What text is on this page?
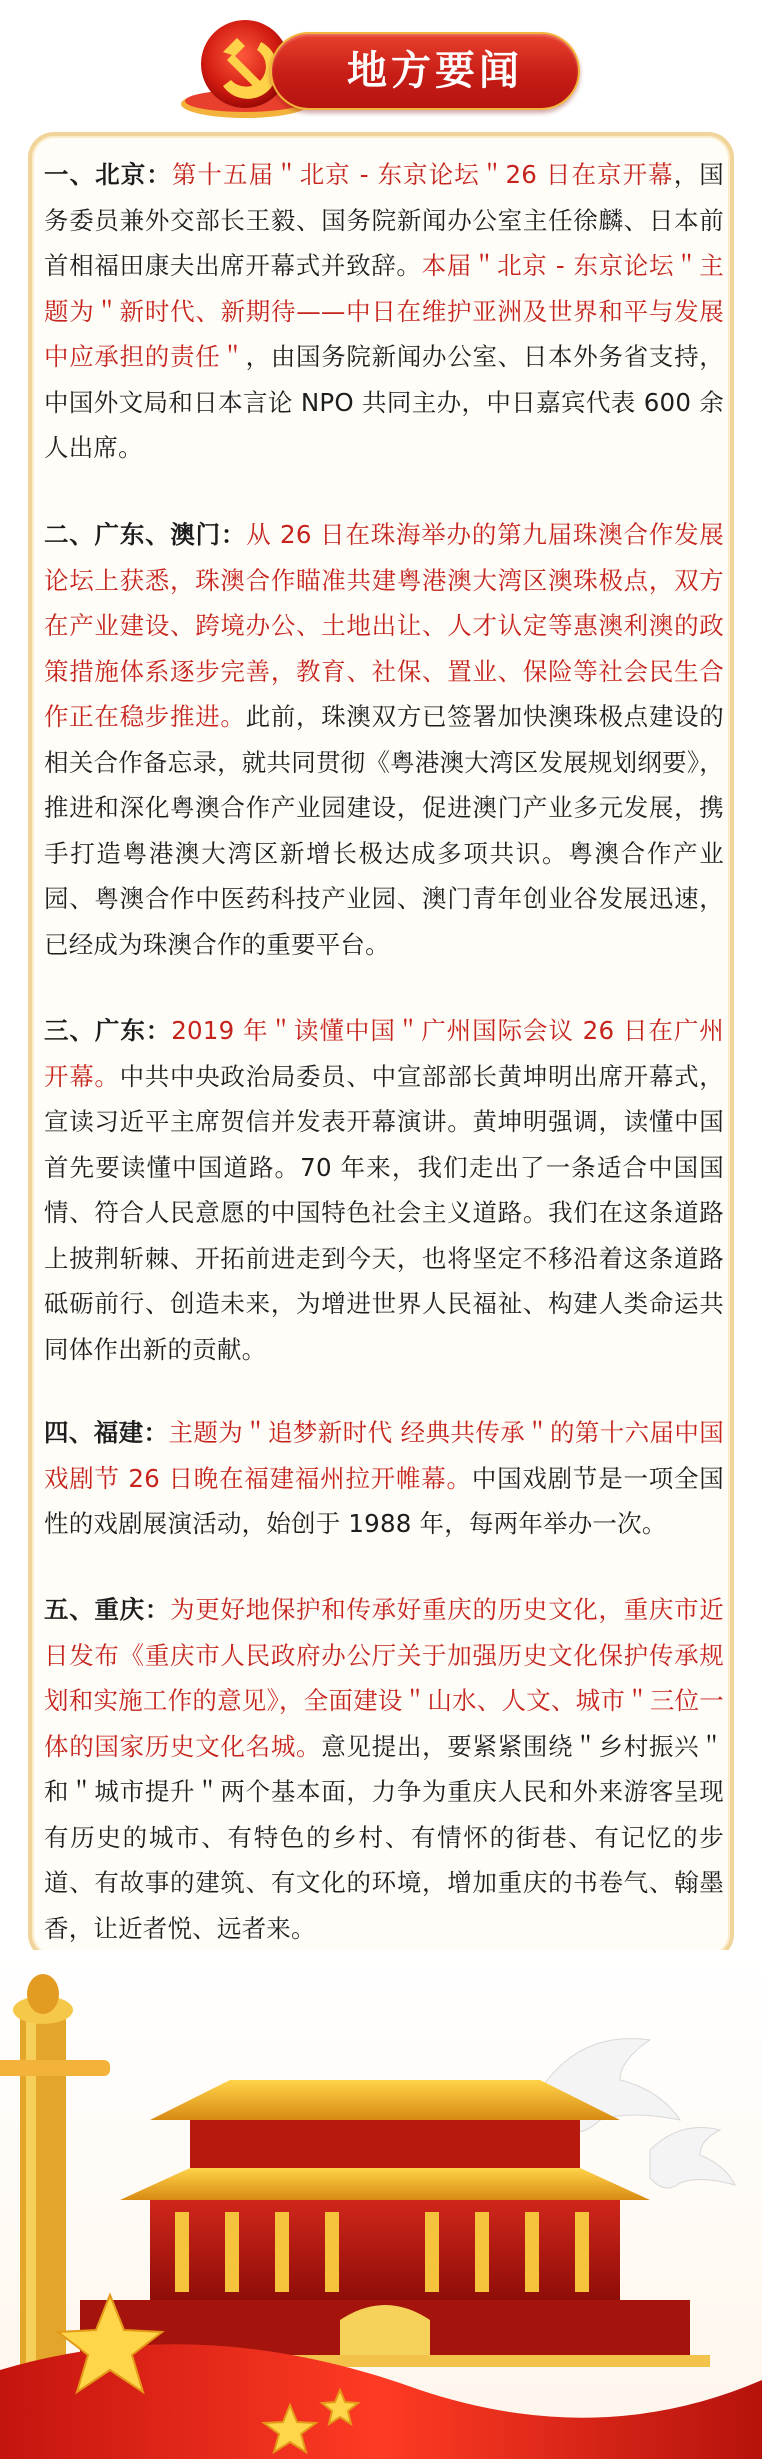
地方要闻
一、北京：第十五届＂北京 - 东京论坛＂26 日在京开幕，国务委员兼外交部长王毅、国务院新闻办公室主任徐麟、日本前首相福田康夫出席开幕式并致辞。本届＂北京 - 东京论坛＂主题为＂新时代、新期待——中日在维护亚洲及世界和平与发展中应承担的责任＂，由国务院新闻办公室、日本外务省支持，中国外文局和日本言论 NPO 共同主办，中日嘉宾代表 600 余人出席。
二、广东、澳门：从 26 日在珠海举办的第九届珠澳合作发展论坛上获悉，珠澳合作瞄准共建粤港澳大湾区澳珠极点，双方在产业建设、跨境办公、土地出让、人才认定等惠澳利澳的政策措施体系逐步完善，教育、社保、置业、保险等社会民生合作正在稳步推进。此前，珠澳双方已签署加快澳珠极点建设的相关合作备忘录，就共同贯彻《粤港澳大湾区发展规划纲要》，推进和深化粤澳合作产业园建设，促进澳门产业多元发展，携手打造粤港澳大湾区新增长极达成多项共识。粤澳合作产业园、粤澳合作中医药科技产业园、澳门青年创业谷发展迅速，已经成为珠澳合作的重要平台。
三、广东：2019 年＂读懂中国＂广州国际会议 26 日在广州开幕。中共中央政治局委员、中宣部部长黄坤明出席开幕式，宣读习近平主席贺信并发表开幕演讲。黄坤明强调，读懂中国首先要读懂中国道路。70 年来，我们走出了一条适合中国国情、符合人民意愿的中国特色社会主义道路。我们在这条道路上披荆斩棘、开拓前进走到今天，也将坚定不移沿着这条道路砥砺前行、创造未来，为增进世界人民福祉、构建人类命运共同体作出新的贡献。
四、福建：主题为＂追梦新时代 经典共传承＂的第十六届中国戏剧节 26 日晚在福建福州拉开帷幕。中国戏剧节是一项全国性的戏剧展演活动，始创于 1988 年，每两年举办一次。
五、重庆：为更好地保护和传承好重庆的历史文化，重庆市近日发布《重庆市人民政府办公厅关于加强历史文化保护传承规划和实施工作的意见》，全面建设＂山水、人文、城市＂三位一体的国家历史文化名城。意见提出，要紧紧围绕＂乡村振兴＂和＂城市提升＂两个基本面，力争为重庆人民和外来游客呈现有历史的城市、有特色的乡村、有情怀的街巷、有记忆的步道、有故事的建筑、有文化的环境，增加重庆的书卷气、翰墨香，让近者悦、远者来。
